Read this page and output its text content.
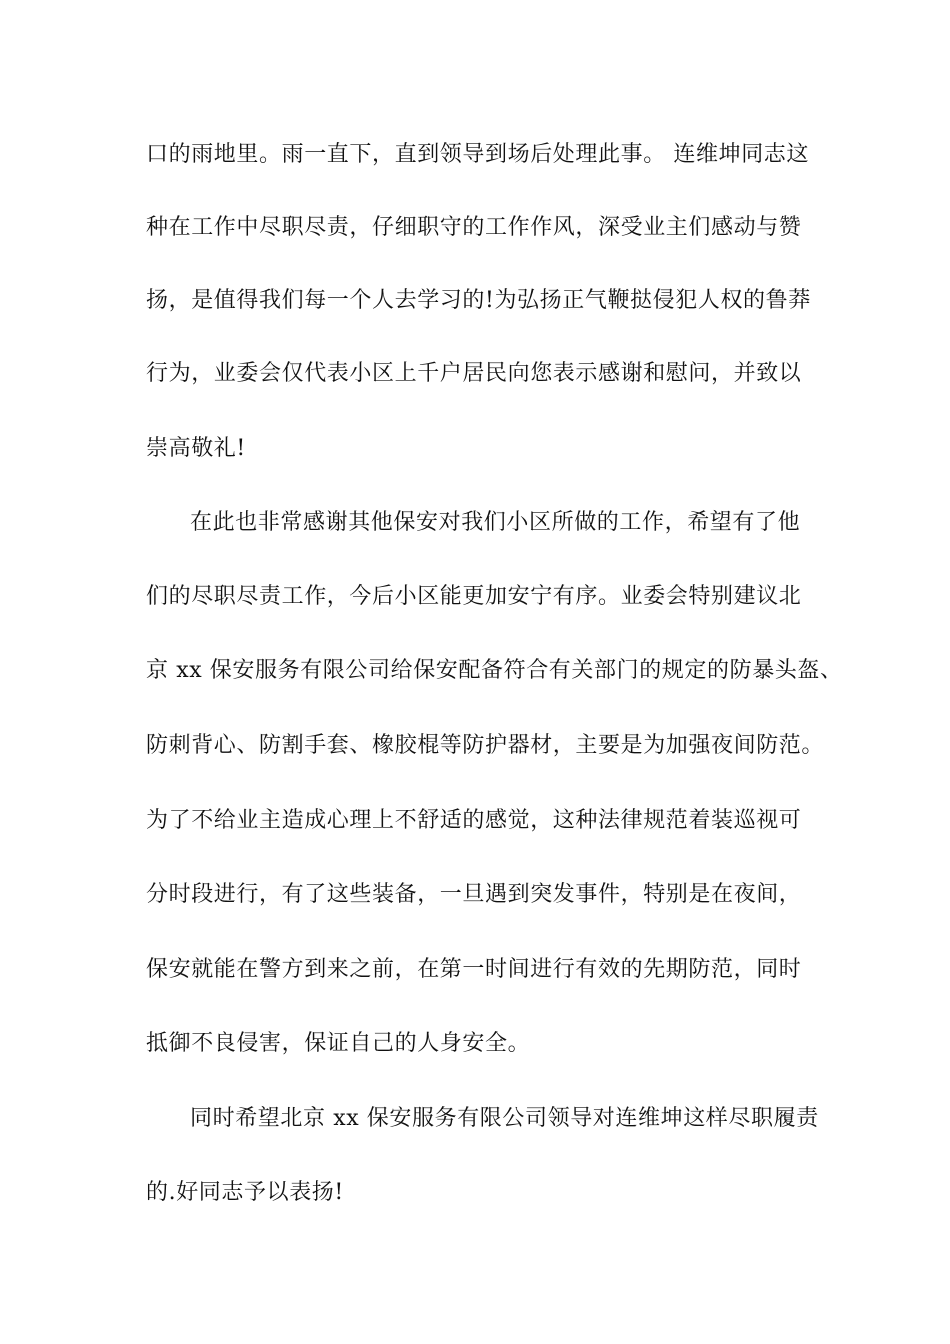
口的雨地里。雨一直下，直到领导到场后处理此事。 连维坤同志这
种在工作中尽职尽责，仔细职守的工作作风，深受业主们感动与赞
扬，是值得我们每一个人去学习的!为弘扬正气鞭挞侵犯人权的鲁莽
行为，业委会仅代表小区上千户居民向您表示感谢和慰问，并致以
崇高敬礼!
在此也非常感谢其他保安对我们小区所做的工作，希望有了他
们的尽职尽责工作，今后小区能更加安宁有序。业委会特别建议北
京 xx 保安服务有限公司给保安配备符合有关部门的规定的防暴头盔、
防刺背心、防割手套、橡胶棍等防护器材，主要是为加强夜间防范。
为了不给业主造成心理上不舒适的感觉，这种法律规范着装巡视可
分时段进行，有了这些装备，一旦遇到突发事件，特别是在夜间，
保安就能在警方到来之前，在第一时间进行有效的先期防范，同时
抵御不良侵害，保证自己的人身安全。
同时希望北京 xx 保安服务有限公司领导对连维坤这样尽职履责
的.好同志予以表扬!
